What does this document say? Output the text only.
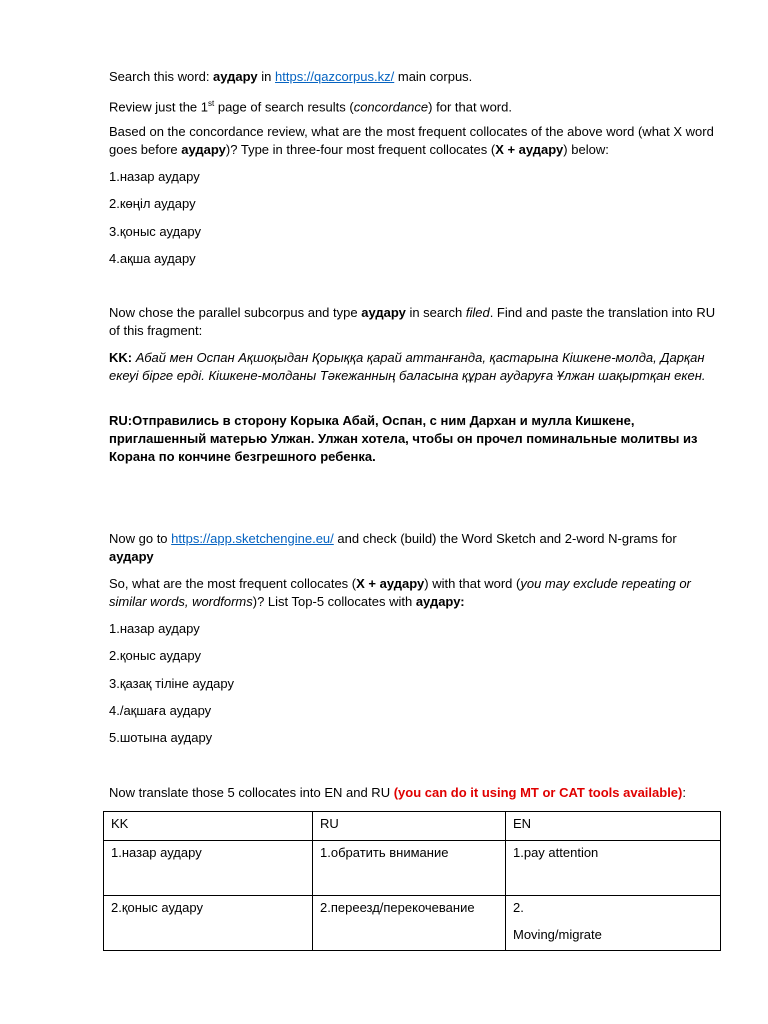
Search this word: аудару in https://qazcorpus.kz/ main corpus.

Review just the 1st page of search results (concordance) for that word.

Based on the concordance review, what are the most frequent collocates of the above word (what X word goes before аудару)? Type in three-four most frequent collocates (X + аудару) below:

1.назар аудару

2.көңіл аудару

3.қоныс аудару

4.ақша аудару

Now chose the parallel subcorpus and type аудару in search filed. Find and paste the translation into RU of this fragment:

KK: Абай мен Оспан Ақшоқыдан Қорыққа қарай аттанғанда, қастарына Кішкене-молда, Дарқан екеуі бірге ерді. Кішкене-молданы Тәкежанның баласына құран аударуға Ұлжан шақыртқан екен.

RU:Отправились в сторону Корыка Абай, Оспан, с ним Дархан и мулла Кишкене, приглашенный матерью Улжан. Улжан хотела, чтобы он прочел поминальные молитвы из Корана по кончине безгрешного ребенка.

Now go to https://app.sketchengine.eu/ and check (build) the Word Sketch and 2-word N-grams for аудару

So, what are the most frequent collocates (X + аудару) with that word (you may exclude repeating or similar words, wordforms)? List Top-5 collocates with аудару:

1.назар аудару

2.қоныс аудару

3.қазақ тіліне аудару

4./ақшаға аудару

5.шотына аудару

Now translate those 5 collocates into EN and RU (you can do it using MT or CAT tools available):

KK	RU	EN
1.назар аудару	1.обратить внимание	1.pay attention
2.қоныс аудару	2.переезд/перекочевание	2.
Moving/migrate
